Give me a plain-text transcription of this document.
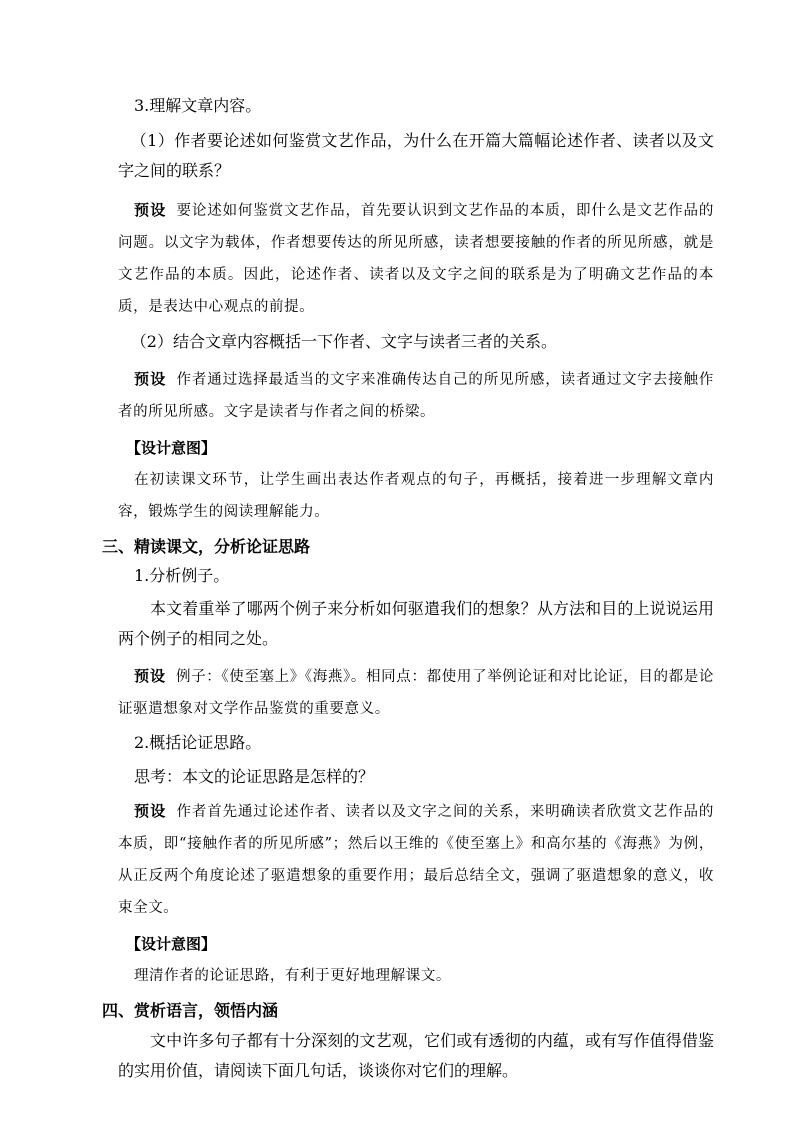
3.理解文章内容。

（1）作者要论述如何鉴赏文艺作品，为什么在开篇大篇幅论述作者、读者以及文字之间的联系？

预设 要论述如何鉴赏文艺作品，首先要认识到文艺作品的本质，即什么是文艺作品的问题。以文字为载体，作者想要传达的所见所感，读者想要接触的作者的所见所感，就是文艺作品的本质。因此，论述作者、读者以及文字之间的联系是为了明确文艺作品的本质，是表达中心观点的前提。

（2）结合文章内容概括一下作者、文字与读者三者的关系。

预设 作者通过选择最适当的文字来准确传达自己的所见所感，读者通过文字去接触作者的所见所感。文字是读者与作者之间的桥梁。

【设计意图】

在初读课文环节，让学生画出表达作者观点的句子，再概括，接着进一步理解文章内容，锻炼学生的阅读理解能力。

三、精读课文，分析论证思路

1.分析例子。

本文着重举了哪两个例子来分析如何驱遣我们的想象？从方法和目的上说说运用两个例子的相同之处。

预设 例子：《使至塞上》《海燕》。相同点：都使用了举例论证和对比论证，目的都是论证驱遣想象对文学作品鉴赏的重要意义。

2.概括论证思路。

思考：本文的论证思路是怎样的？

预设 作者首先通过论述作者、读者以及文字之间的关系，来明确读者欣赏文艺作品的本质，即“接触作者的所见所感”；然后以王维的《使至塞上》和高尔基的《海燕》为例，从正反两个角度论述了驱遣想象的重要作用；最后总结全文，强调了驱遣想象的意义，收束全文。

【设计意图】

理清作者的论证思路，有利于更好地理解课文。

四、赏析语言，领悟内涵

文中许多句子都有十分深刻的文艺观，它们或有透彻的内蕴，或有写作值得借鉴的实用价值，请阅读下面几句话，谈谈你对它们的理解。
